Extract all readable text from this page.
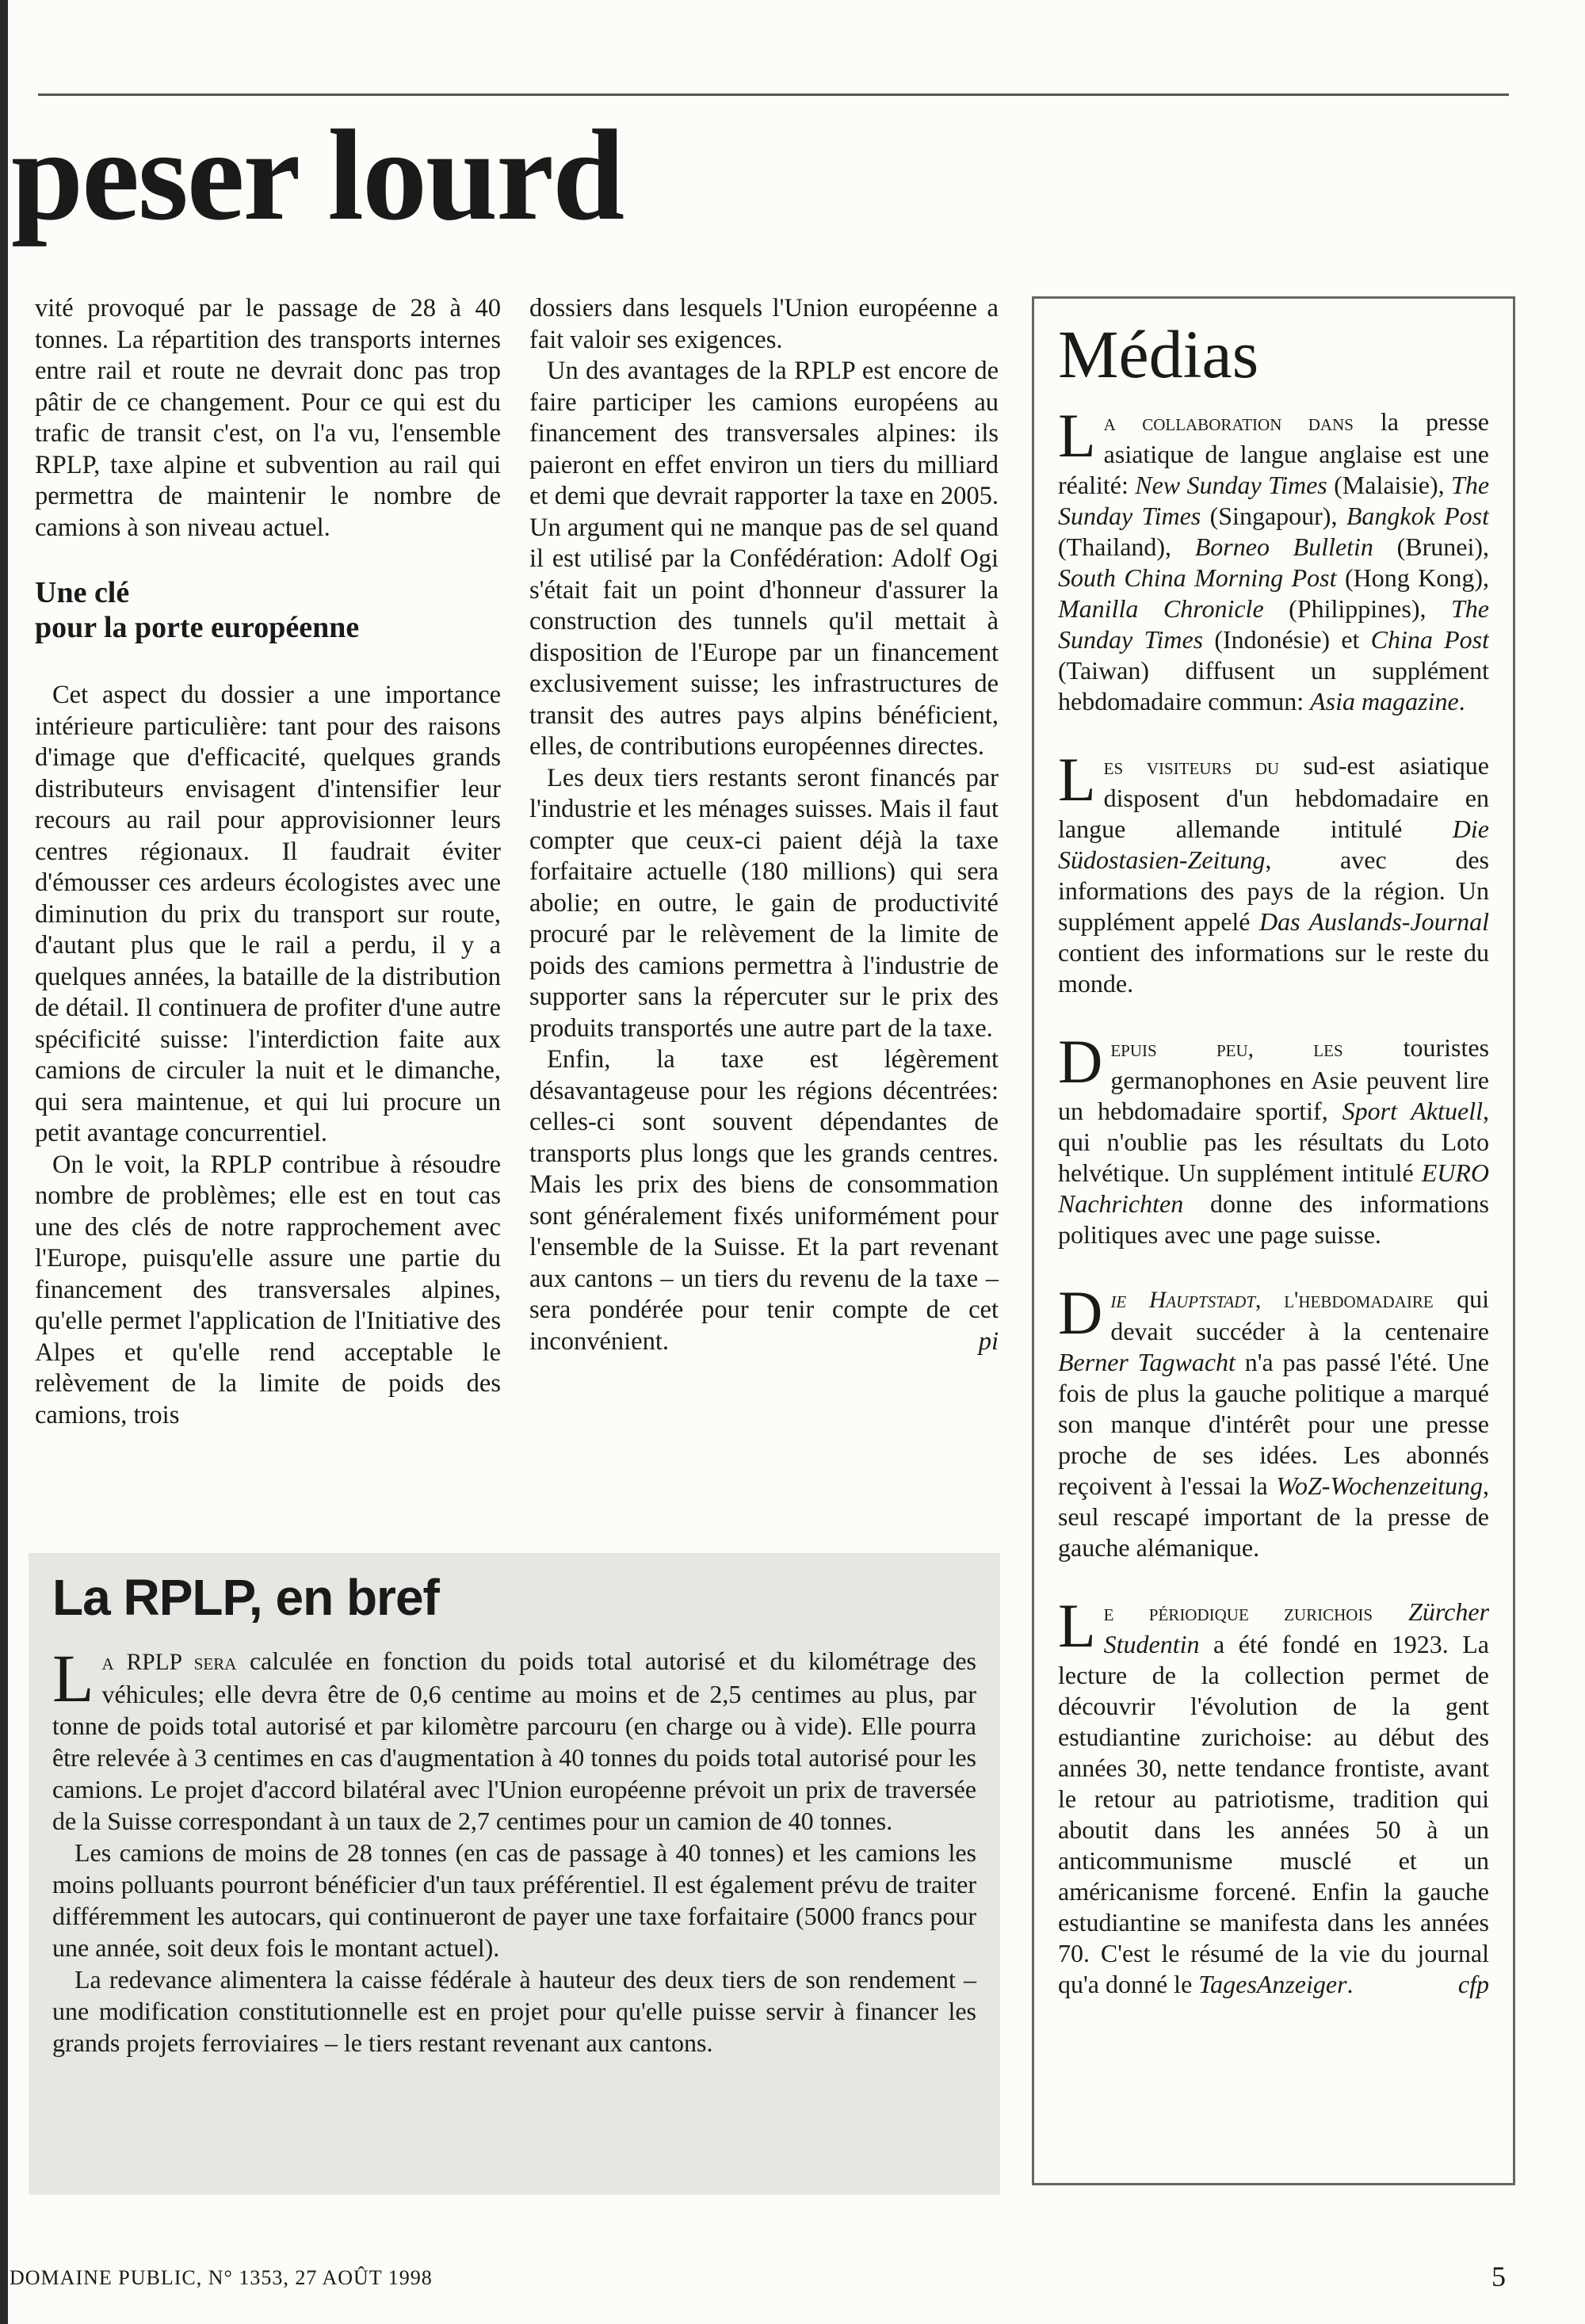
peser lourd

vité provoqué par le passage de 28 à 40 tonnes. La répartition des transports internes entre rail et route ne devrait donc pas trop pâtir de ce changement. Pour ce qui est du trafic de transit c'est, on l'a vu, l'ensemble RPLP, taxe alpine et subvention au rail qui permettra de maintenir le nombre de camions à son niveau actuel.

Une clé
pour la porte européenne

Cet aspect du dossier a une importance intérieure particulière: tant pour des raisons d'image que d'efficacité, quelques grands distributeurs envisagent d'intensifier leur recours au rail pour approvisionner leurs centres régionaux. Il faudrait éviter d'émousser ces ardeurs écologistes avec une diminution du prix du transport sur route, d'autant plus que le rail a perdu, il y a quelques années, la bataille de la distribution de détail. Il continuera de profiter d'une autre spécificité suisse: l'interdiction faite aux camions de circuler la nuit et le dimanche, qui sera maintenue, et qui lui procure un petit avantage concurrentiel.

On le voit, la RPLP contribue à résoudre nombre de problèmes; elle est en tout cas une des clés de notre rapprochement avec l'Europe, puisqu'elle assure une partie du financement des transversales alpines, qu'elle permet l'application de l'Initiative des Alpes et qu'elle rend acceptable le relèvement de la limite de poids des camions, trois

dossiers dans lesquels l'Union européenne a fait valoir ses exigences.

Un des avantages de la RPLP est encore de faire participer les camions européens au financement des transversales alpines: ils paieront en effet environ un tiers du milliard et demi que devrait rapporter la taxe en 2005. Un argument qui ne manque pas de sel quand il est utilisé par la Confédération: Adolf Ogi s'était fait un point d'honneur d'assurer la construction des tunnels qu'il mettait à disposition de l'Europe par un financement exclusivement suisse; les infrastructures de transit des autres pays alpins bénéficient, elles, de contributions européennes directes.

Les deux tiers restants seront financés par l'industrie et les ménages suisses. Mais il faut compter que ceux-ci paient déjà la taxe forfaitaire actuelle (180 millions) qui sera abolie; en outre, le gain de productivité procuré par le relèvement de la limite de poids des camions permettra à l'industrie de supporter sans la répercuter sur le prix des produits transportés une autre part de la taxe.

Enfin, la taxe est légèrement désavantageuse pour les régions décentrées: celles-ci sont souvent dépendantes de transports plus longs que les grands centres. Mais les prix des biens de consommation sont généralement fixés uniformément pour l'ensemble de la Suisse. Et la part revenant aux cantons – un tiers du revenu de la taxe – sera pondérée pour tenir compte de cet inconvénient.	pi

La RPLP, en bref

La RPLP sera calculée en fonction du poids total autorisé et du kilométrage des véhicules; elle devra être de 0,6 centime au moins et de 2,5 centimes au plus, par tonne de poids total autorisé et par kilomètre parcouru (en charge ou à vide). Elle pourra être relevée à 3 centimes en cas d'augmentation à 40 tonnes du poids total autorisé pour les camions. Le projet d'accord bilatéral avec l'Union européenne prévoit un prix de traversée de la Suisse correspondant à un taux de 2,7 centimes pour un camion de 40 tonnes.

Les camions de moins de 28 tonnes (en cas de passage à 40 tonnes) et les camions les moins polluants pourront bénéficier d'un taux préférentiel. Il est également prévu de traiter différemment les autocars, qui continueront de payer une taxe forfaitaire (5000 francs pour une année, soit deux fois le montant actuel).

La redevance alimentera la caisse fédérale à hauteur des deux tiers de son rendement – une modification constitutionnelle est en projet pour qu'elle puisse servir à financer les grands projets ferroviaires – le tiers restant revenant aux cantons.

Médias
La collaboration dans la presse asiatique de langue anglaise est une réalité: New Sunday Times (Malaisie), The Sunday Times (Singapour), Bangkok Post (Thailand), Borneo Bulletin (Brunei), South China Morning Post (Hong Kong), Manilla Chronicle (Philippines), The Sunday Times (Indonésie) et China Post (Taiwan) diffusent un supplément hebdomadaire commun: Asia magazine.
Les visiteurs du sud-est asiatique disposent d'un hebdomadaire en langue allemande intitulé Die Südostasien-Zeitung, avec des informations des pays de la région. Un supplément appelé Das Auslands-Journal contient des informations sur le reste du monde.
Depuis peu, les touristes germanophones en Asie peuvent lire un hebdomadaire sportif, Sport Aktuell, qui n'oublie pas les résultats du Loto helvétique. Un supplément intitulé EURO Nachrichten donne des informations politiques avec une page suisse.
Die Hauptstadt, l'hebdomadaire qui devait succéder à la centenaire Berner Tagwacht n'a pas passé l'été. Une fois de plus la gauche politique a marqué son manque d'intérêt pour une presse proche de ses idées. Les abonnés reçoivent à l'essai la WoZ-Wochenzeitung, seul rescapé important de la presse de gauche alémanique.
Le périodique zurichois Zürcher Studentin a été fondé en 1923. La lecture de la collection permet de découvrir l'évolution de la gent estudiantine zurichoise: au début des années 30, nette tendance frontiste, avant le retour au patriotisme, tradition qui aboutit dans les années 50 à un anticommunisme musclé et un américanisme forcené. Enfin la gauche estudiantine se manifesta dans les années 70. C'est le résumé de la vie du journal qu'a donné le TagesAnzeiger.	cfp
DOMAINE PUBLIC, N° 1353, 27 AOÛT 1998	5
